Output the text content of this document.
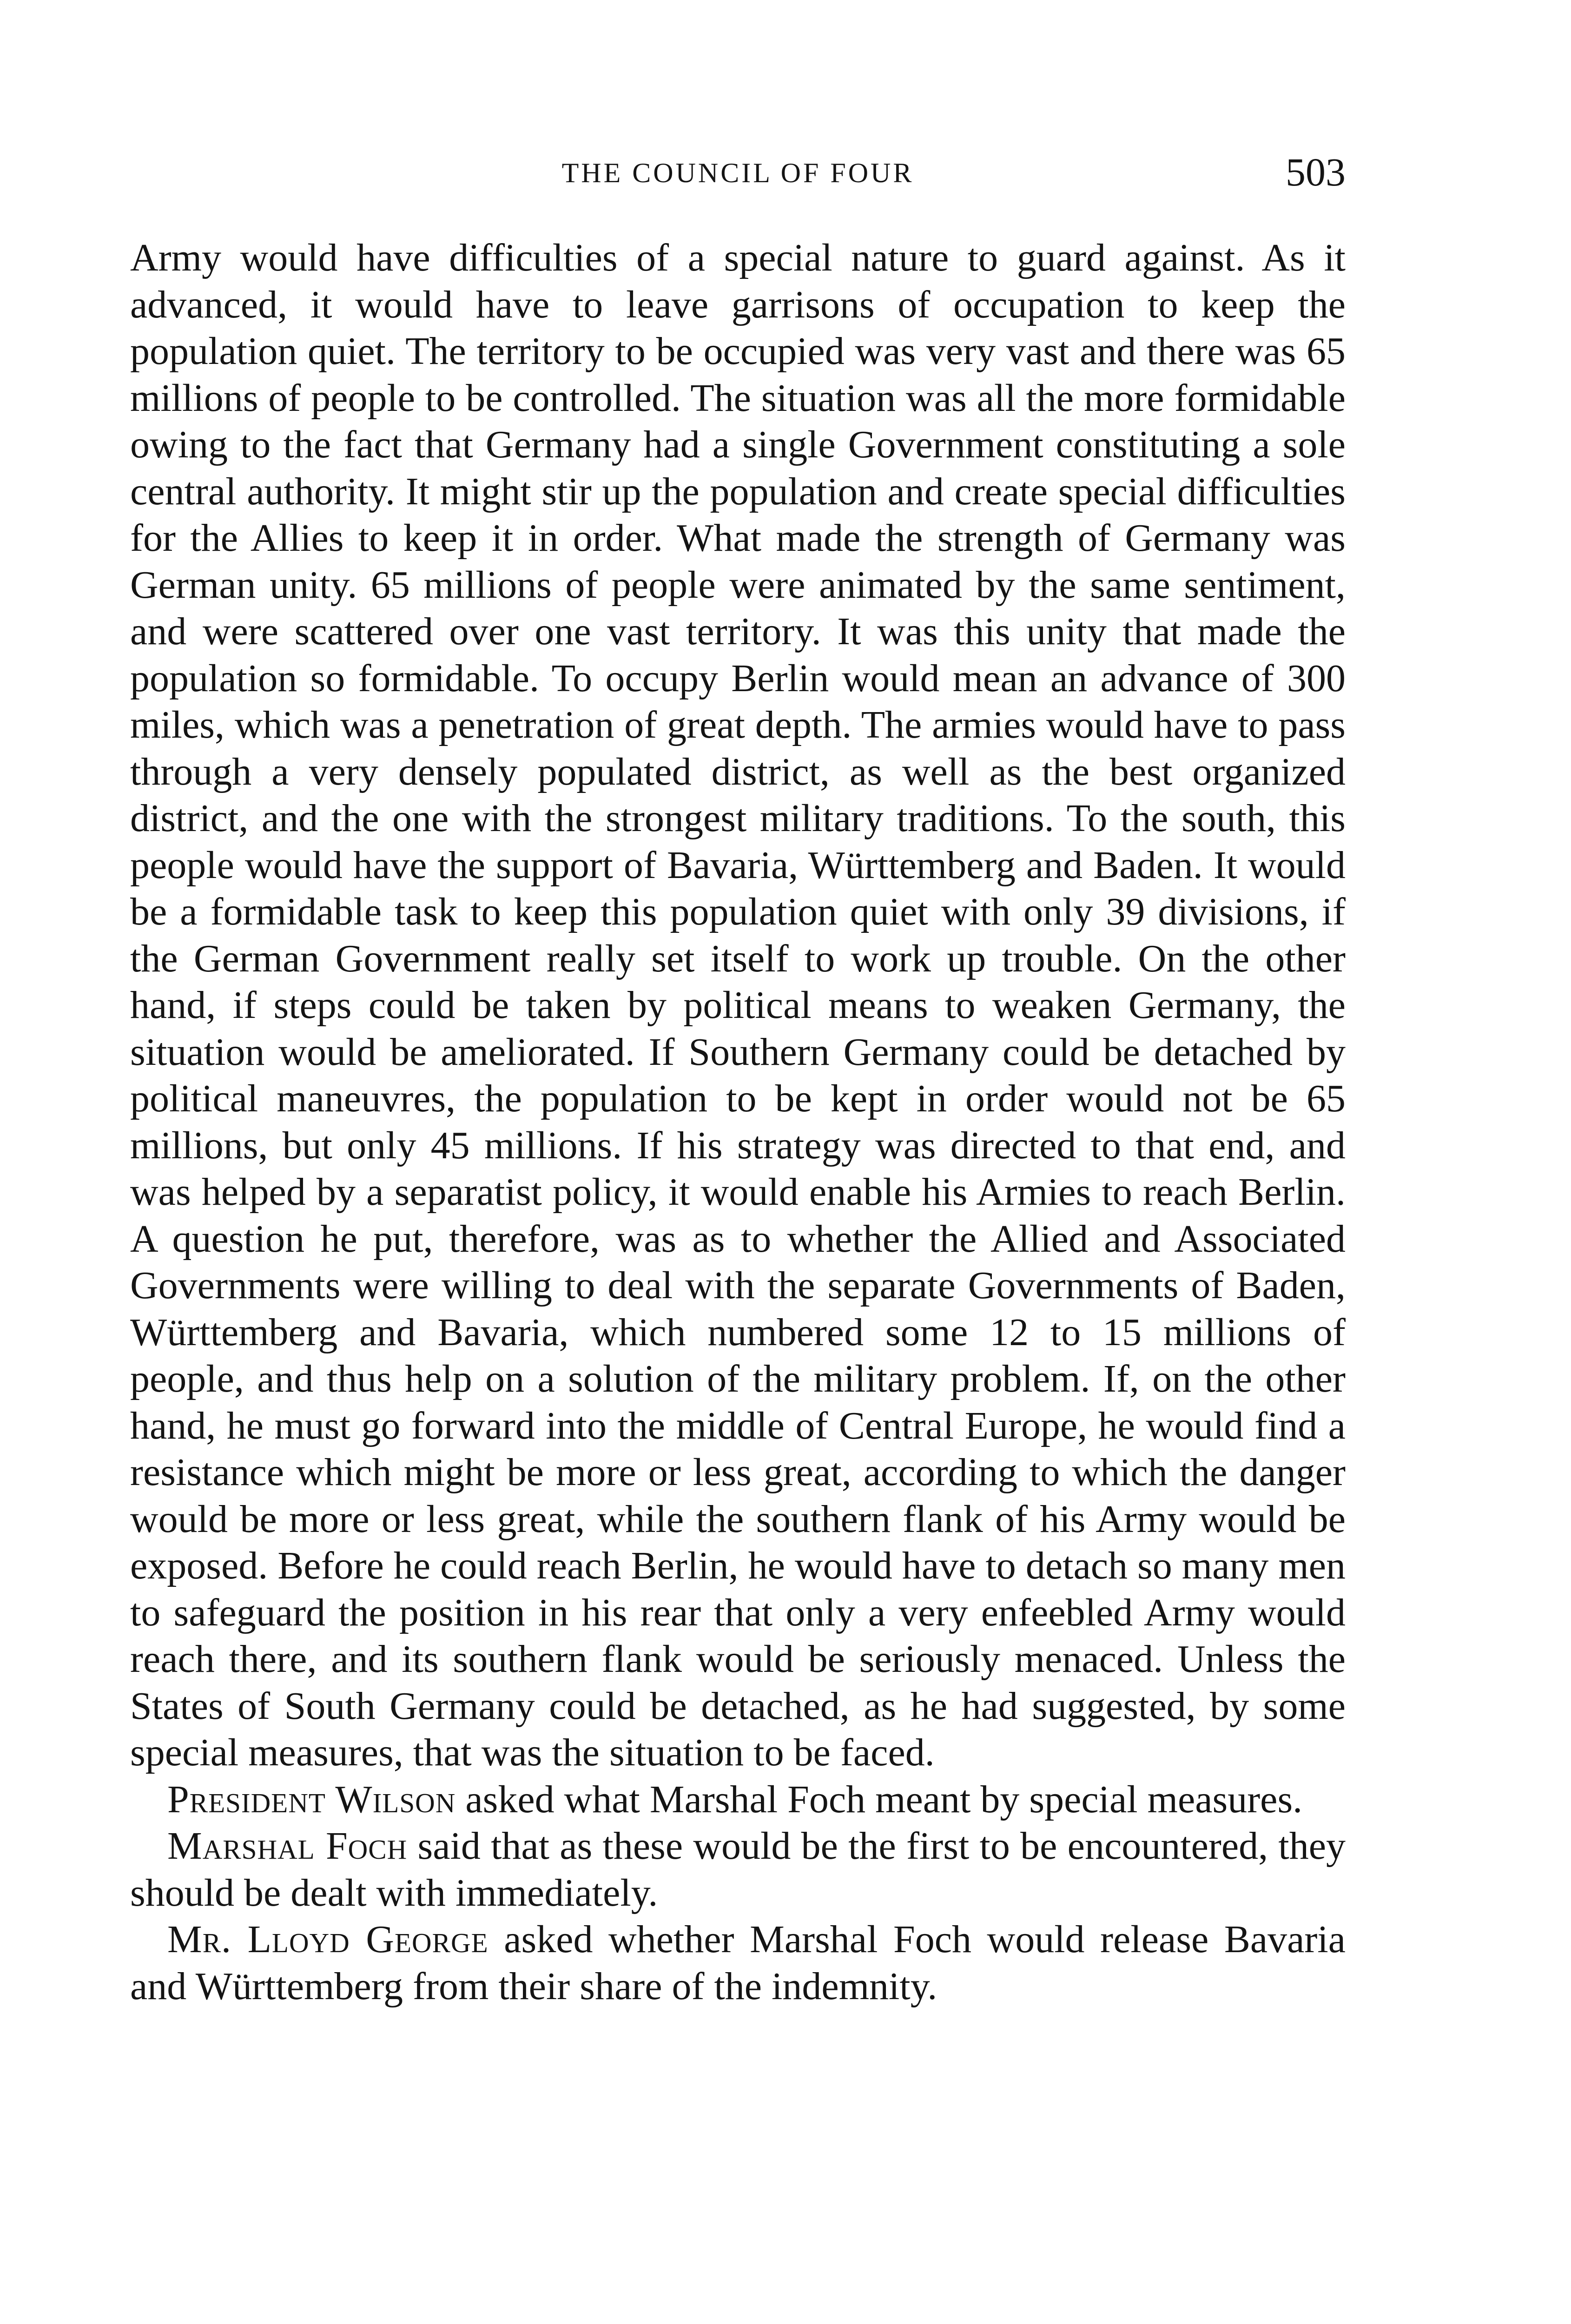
THE COUNCIL OF FOUR	503

Army would have difficulties of a special nature to guard against. As it advanced, it would have to leave garrisons of occupation to keep the population quiet. The territory to be occupied was very vast and there was 65 millions of people to be controlled. The situation was all the more formidable owing to the fact that Germany had a single Government constituting a sole central authority. It might stir up the population and create special difficulties for the Allies to keep it in order. What made the strength of Germany was German unity. 65 millions of people were animated by the same sentiment, and were scattered over one vast territory. It was this unity that made the population so formidable. To occupy Berlin would mean an advance of 300 miles, which was a penetration of great depth. The armies would have to pass through a very densely populated district, as well as the best organized district, and the one with the strongest military traditions. To the south, this people would have the support of Bavaria, Württemberg and Baden. It would be a formidable task to keep this population quiet with only 39 divisions, if the German Government really set itself to work up trouble. On the other hand, if steps could be taken by political means to weaken Germany, the situation would be ameliorated. If Southern Germany could be detached by political maneuvres, the population to be kept in order would not be 65 millions, but only 45 millions. If his strategy was directed to that end, and was helped by a separatist policy, it would enable his Armies to reach Berlin. A question he put, therefore, was as to whether the Allied and Associated Governments were willing to deal with the separate Governments of Baden, Württemberg and Bavaria, which numbered some 12 to 15 millions of people, and thus help on a solution of the military problem. If, on the other hand, he must go forward into the middle of Central Europe, he would find a resistance which might be more or less great, according to which the danger would be more or less great, while the southern flank of his Army would be exposed. Before he could reach Berlin, he would have to detach so many men to safeguard the position in his rear that only a very enfeebled Army would reach there, and its southern flank would be seriously menaced. Unless the States of South Germany could be detached, as he had suggested, by some special measures, that was the situation to be faced.

President Wilson asked what Marshal Foch meant by special measures.

Marshal Foch said that as these would be the first to be encountered, they should be dealt with immediately.

Mr. Lloyd George asked whether Marshal Foch would release Bavaria and Württemberg from their share of the indemnity.
